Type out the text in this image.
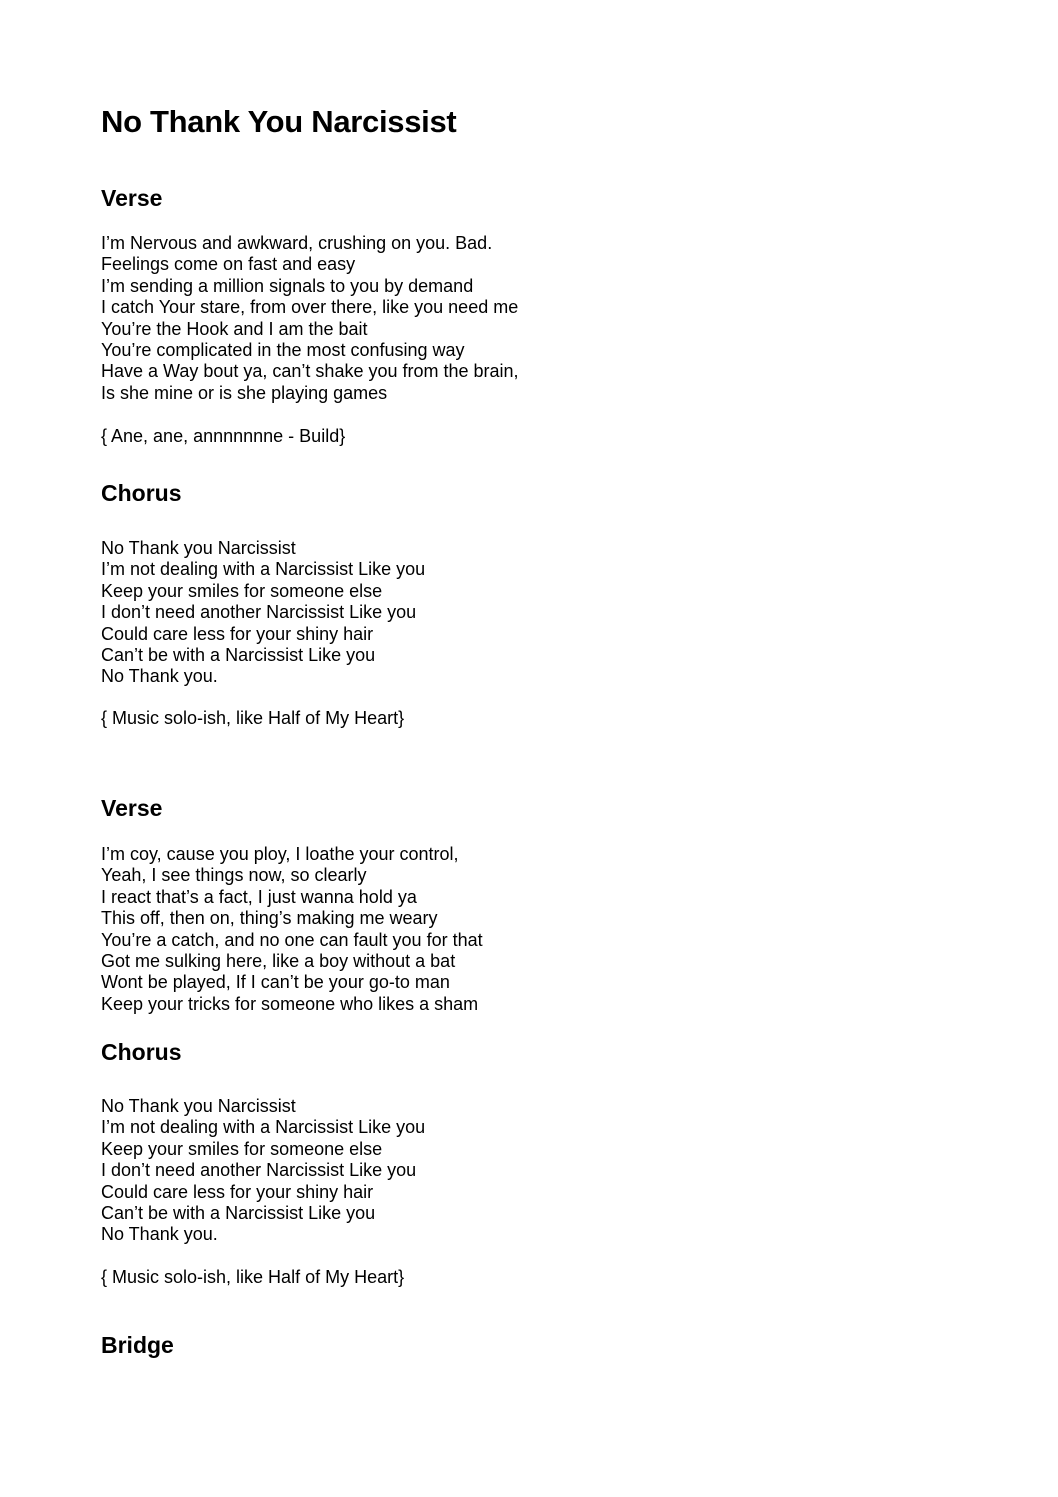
No Thank You Narcissist
Verse
I’m Nervous and awkward, crushing on you. Bad.
Feelings come on fast and easy
I’m sending a million signals to you by demand
I catch Your stare, from over there, like you need me
You’re the Hook and I am the bait
You’re complicated in the most confusing way
Have a Way bout ya, can’t shake you from the brain,
Is she mine or is she playing games

{ Ane, ane, annnnnnne - Build}

Chorus
No Thank you Narcissist
I’m not dealing with a Narcissist Like you
Keep your smiles for someone else
I don’t need another Narcissist Like you
Could care less for your shiny hair
Can’t be with a Narcissist Like you
No Thank you.

{ Music solo-ish, like Half of My Heart}

Verse
I’m coy, cause you ploy, I loathe your control,
Yeah, I see things now, so clearly
I react that’s a fact, I just wanna hold ya
This off, then on, thing’s making me weary
You’re a catch, and no one can fault you for that
Got me sulking here, like a boy without a bat
Wont be played, If I can’t be your go-to man
Keep your tricks for someone who likes a sham
Chorus
No Thank you Narcissist
I’m not dealing with a Narcissist Like you
Keep your smiles for someone else
I don’t need another Narcissist Like you
Could care less for your shiny hair
Can’t be with a Narcissist Like you
No Thank you.

{ Music solo-ish, like Half of My Heart}

Bridge
